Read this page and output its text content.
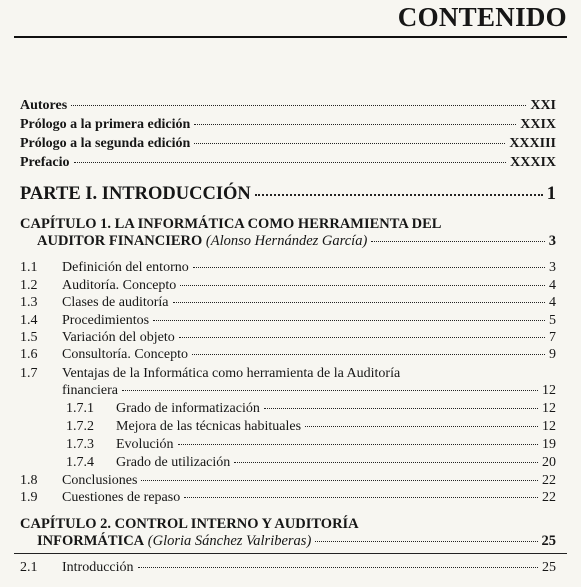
CONTENIDO
Autores	XXI
Prólogo a la primera edición	XXIX
Prólogo a la segunda edición	XXXIII
Prefacio	XXXIX
PARTE I. INTRODUCCIÓN	1
CAPÍTULO 1. LA INFORMÁTICA COMO HERRAMIENTA DEL
AUDITOR FINANCIERO
(Alonso Hernández García)	3
1.1 Definición del entorno	3
1.2 Auditoría. Concepto	4
1.3 Clases de auditoría	4
1.4 Procedimientos	5
1.5 Variación del objeto	7
1.6 Consultoría. Concepto	9
1.7 Ventajas de la Informática como herramienta de la Auditoría
financiera	12
1.7.1 Grado de informatización	12
1.7.2 Mejora de las técnicas habituales	12
1.7.3 Evolución	19
1.7.4 Grado de utilización	20
1.8 Conclusiones	22
1.9 Cuestiones de repaso	22
CAPÍTULO 2. CONTROL INTERNO Y AUDITORÍA
INFORMÁTICA
(Gloria Sánchez Valriberas)	25
2.1 Introducción	25
